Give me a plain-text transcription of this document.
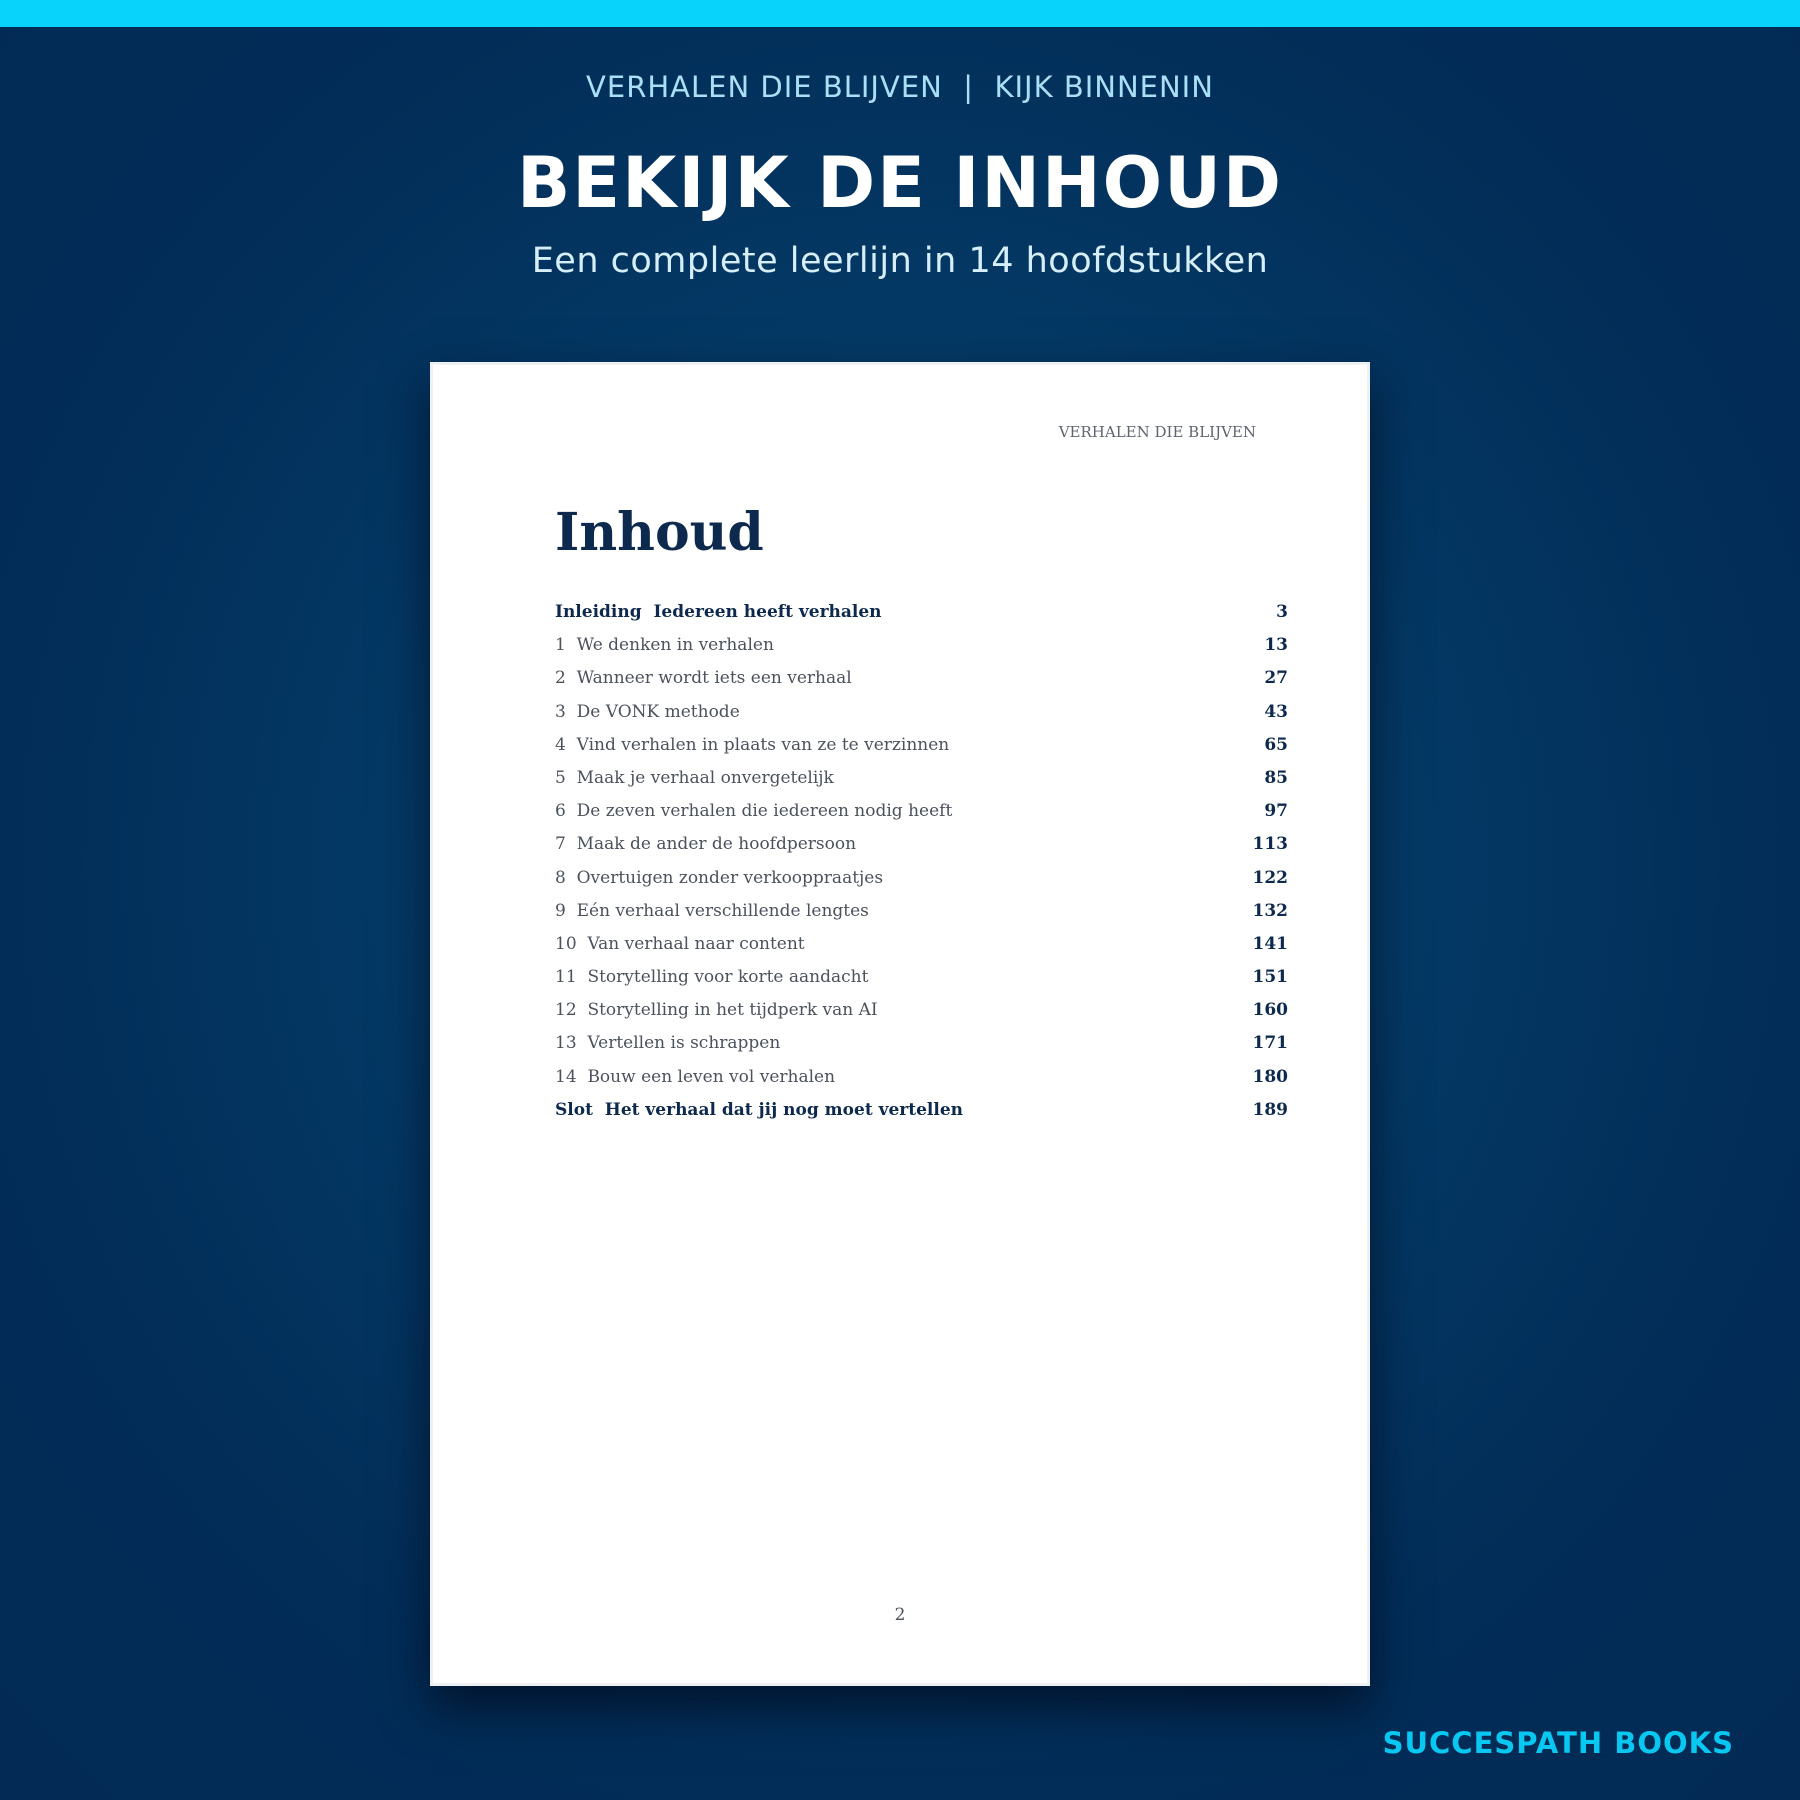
VERHALEN DIE BLIJVEN  |  KIJK BINNENIN
BEKIJK DE INHOUD
Een complete leerlijn in 14 hoofdstukken
VERHALEN DIE BLIJVEN
Inhoud
Inleiding  Iedereen heeft verhalen	3
1  We denken in verhalen	13
2  Wanneer wordt iets een verhaal	27
3  De VONK methode	43
4  Vind verhalen in plaats van ze te verzinnen	65
5  Maak je verhaal onvergetelijk	85
6  De zeven verhalen die iedereen nodig heeft	97
7  Maak de ander de hoofdpersoon	113
8  Overtuigen zonder verkooppraatjes	122
9  Eén verhaal verschillende lengtes	132
10  Van verhaal naar content	141
11  Storytelling voor korte aandacht	151
12  Storytelling in het tijdperk van AI	160
13  Vertellen is schrappen	171
14  Bouw een leven vol verhalen	180
Slot  Het verhaal dat jij nog moet vertellen	189
2
SUCCESPATH BOOKS
